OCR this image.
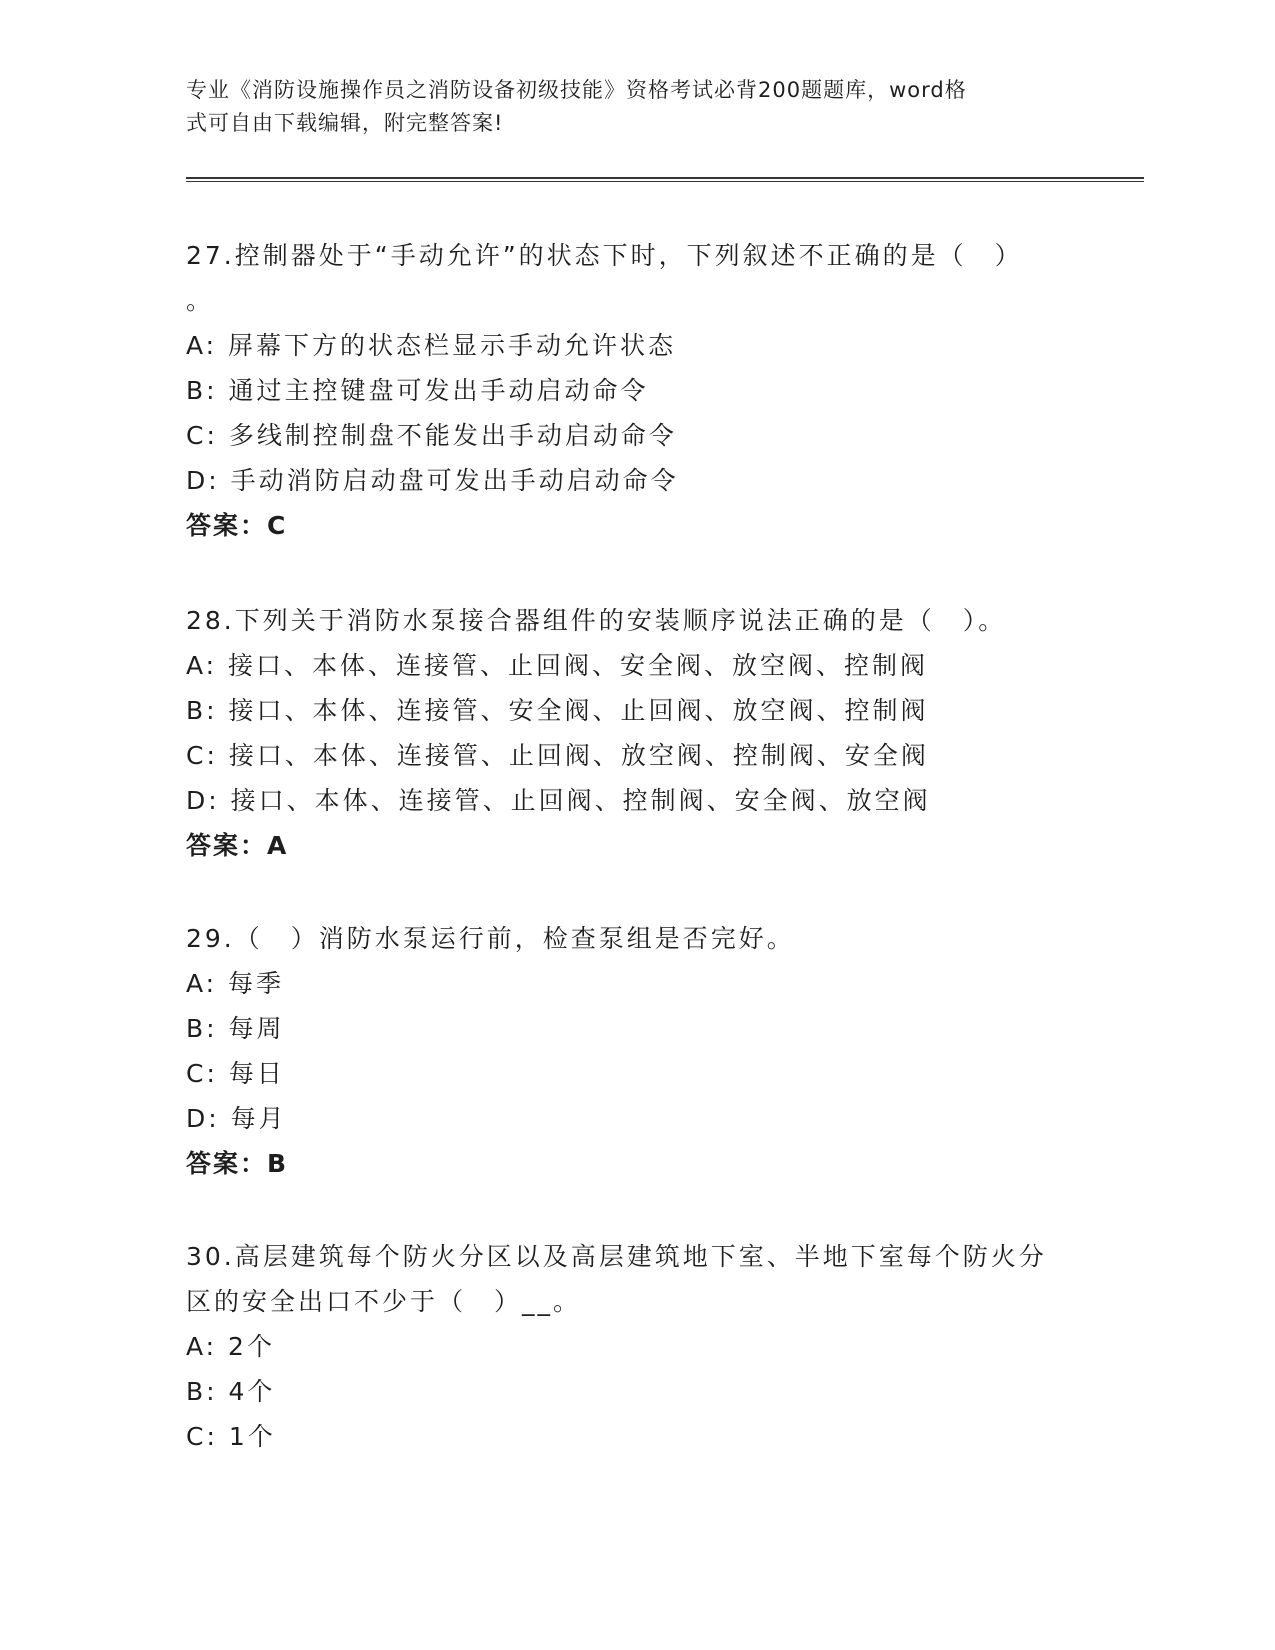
专业《消防设施操作员之消防设备初级技能》资格考试必背200题题库，word格
式可自由下载编辑，附完整答案!
27.控制器处于“手动允许”的状态下时，下列叙述不正确的是（　）
。
A: 屏幕下方的状态栏显示手动允许状态
B: 通过主控键盘可发出手动启动命令
C: 多线制控制盘不能发出手动启动命令
D: 手动消防启动盘可发出手动启动命令
答案：C
28.下列关于消防水泵接合器组件的安装顺序说法正确的是（　）。
A: 接口、本体、连接管、止回阀、安全阀、放空阀、控制阀
B: 接口、本体、连接管、安全阀、止回阀、放空阀、控制阀
C: 接口、本体、连接管、止回阀、放空阀、控制阀、安全阀
D: 接口、本体、连接管、止回阀、控制阀、安全阀、放空阀
答案：A
29.（　）消防水泵运行前，检查泵组是否完好。
A: 每季
B: 每周
C: 每日
D: 每月
答案：B
30.高层建筑每个防火分区以及高层建筑地下室、半地下室每个防火分
区的安全出口不少于（　）__。
A: 2个
B: 4个
C: 1个
